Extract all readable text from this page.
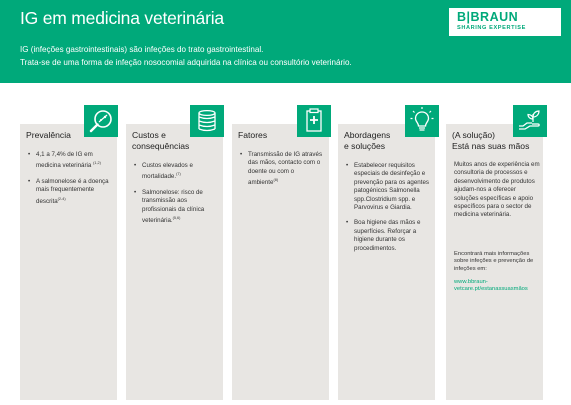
IG em medicina veterinária	B|BRAUN
SHARING EXPERTISE
IG (infeções gastrointestinais) são infeções do trato gastrointestinal.
Trata-se de uma forma de infeção nosocomial adquirida na clínica ou consultório veterinário.
Prevalência
• 4,1 a 7,4% de IG em medicina veterinária $^{(1,2)}$
• A salmonelose é a doença mais frequentemente descrita$^{(2-4)}$
Custos e
consequências
• Custos elevados e mortalidade.$^{(7)}$
• Salmonelose: risco de transmissão aos profissionais da clínica veterinária.$^{(5,6)}$
Fatores
• Transmissão de IG através das mãos, contacto com o doente ou com o ambiente$^{(8)}$
Abordagens
e soluções
• Estabelecer requisitos especiais de desinfeção e prevenção para os agentes patogénicos Salmonella spp.Clostridium spp. e Parvovirus e Giardia.
• Boa higiene das mãos e superfícies. Reforçar a higiene durante os procedimentos.
(A solução)
Está nas suas mãos

Muitos anos de experiência em consultoria de processos e desenvolvimento de produtos ajudam-nos a oferecer soluções específicas e apoio específicos para o sector de medicina veterinária.

Encontrará mais informações sobre infeções e prevenção de infeções em:

www.bbraun-vetcare.pt/estanassuasmãos
